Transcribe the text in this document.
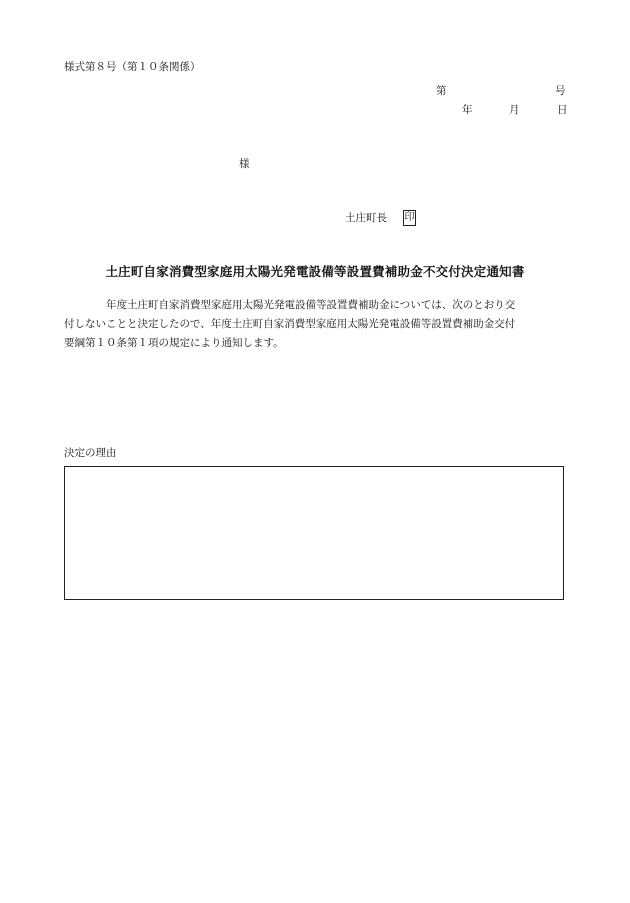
様式第８号（第１０条関係）
第	号
年	月	日
様
土庄町長 印
土庄町自家消費型家庭用太陽光発電設備等設置費補助金不交付決定通知書
年度土庄町自家消費型家庭用太陽光発電設備等設置費補助金については、次のとおり交
付しないことと決定したので、年度土庄町自家消費型家庭用太陽光発電設備等設置費補助金交付
要綱第１０条第１項の規定により通知します。
決定の理由
